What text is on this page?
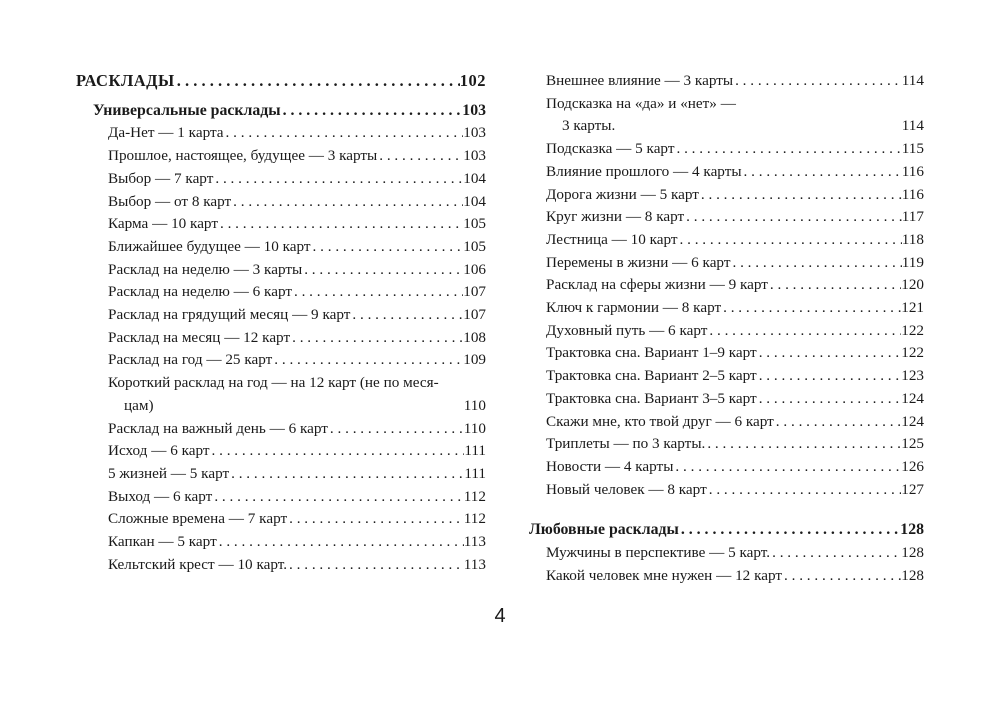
РАСКЛАДЫ . . .	102
Универсальные расклады . . .	103
Да-Нет — 1 карта . . .	103
Прошлое, настоящее, будущее — 3 карты . . .	103
Выбор — 7 карт . . .	104
Выбор — от 8 карт . . .	104
Карма — 10 карт . . .	105
Ближайшее будущее — 10 карт . . .	105
Расклад на неделю — 3 карты . . .	106
Расклад на неделю — 6 карт . . .	107
Расклад на грядущий месяц — 9 карт . . .	107
Расклад на месяц — 12 карт . . .	108
Расклад на год — 25 карт . . .	109
Короткий расклад на год — на 12 карт (не по меся-
цам)	110
Расклад на важный день — 6 карт . . .	110
Исход — 6 карт . . .	111
5 жизней — 5 карт . . .	111
Выход — 6 карт . . .	112
Сложные времена — 7 карт . . .	112
Капкан — 5 карт . . .	113
Кельтский крест — 10 карт. . . .	113
Внешнее влияние — 3 карты . . .	114
Подсказка на «да» и «нет» —
3 карты.	114
Подсказка — 5 карт . . .	115
Влияние прошлого — 4 карты . . .	116
Дорога жизни — 5 карт . . .	116
Круг жизни — 8 карт . . .	117
Лестница — 10 карт . . .	118
Перемены в жизни — 6 карт . . .	119
Расклад на сферы жизни — 9 карт . . .	120
Ключ к гармонии — 8 карт . . .	121
Духовный путь — 6 карт . . .	122
Трактовка сна. Вариант 1–9 карт . . .	122
Трактовка сна. Вариант 2–5 карт . . .	123
Трактовка сна. Вариант 3–5 карт . . .	124
Скажи мне, кто твой друг — 6 карт . . .	124
Триплеты — по 3 карты. . . .	125
Новости — 4 карты . . .	126
Новый человек — 8 карт . . .	127
Любовные расклады . . .	128
Мужчины в перспективе — 5 карт. . . .	128
Какой человек мне нужен — 12 карт . . .	128
4
